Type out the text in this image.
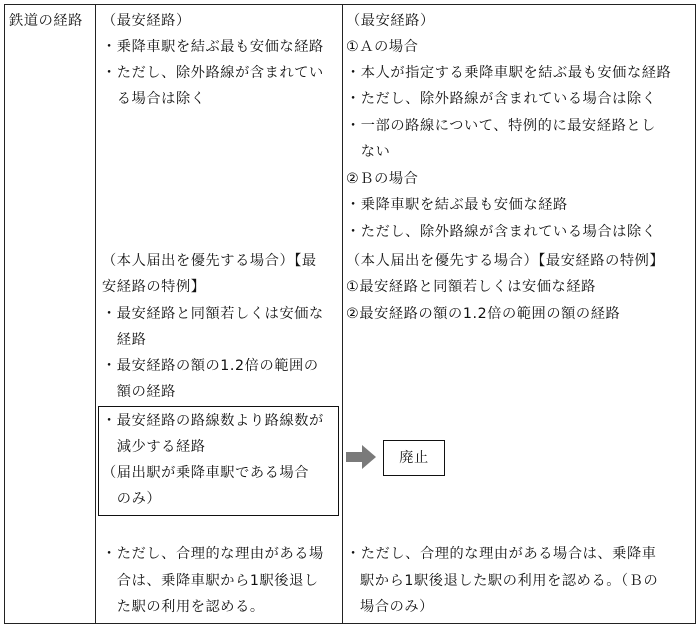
鉄道の経路 （最安経路）
・乗降車駅を結ぶ最も安価な経路
・ただし、除外路線が含まれてい
　る場合は除く
（本人届出を優先する場合）【最
安経路の特例】
・最安経路と同額若しくは安価な
　経路
・最安経路の額の1.2倍の範囲の
　額の経路
・最安経路の路線数より路線数が
　減少する経路
（届出駅が乗降車駅である場合
　のみ）
・ただし、合理的な理由がある場
　合は、乗降車駅から1駅後退し
　た駅の利用を認める。
（最安経路）
①Ａの場合
・本人が指定する乗降車駅を結ぶ最も安価な経路
・ただし、除外路線が含まれている場合は除く
・一部の路線について、特例的に最安経路とし
　ない
②Ｂの場合
・乗降車駅を結ぶ最も安価な経路
・ただし、除外路線が含まれている場合は除く
（本人届出を優先する場合）【最安経路の特例】
①最安経路と同額若しくは安価な経路
②最安経路の額の1.2倍の範囲の額の経路
廃止
・ただし、合理的な理由がある場合は、乗降車
駅から1駅後退した駅の利用を認める。（Ｂの
場合のみ）
